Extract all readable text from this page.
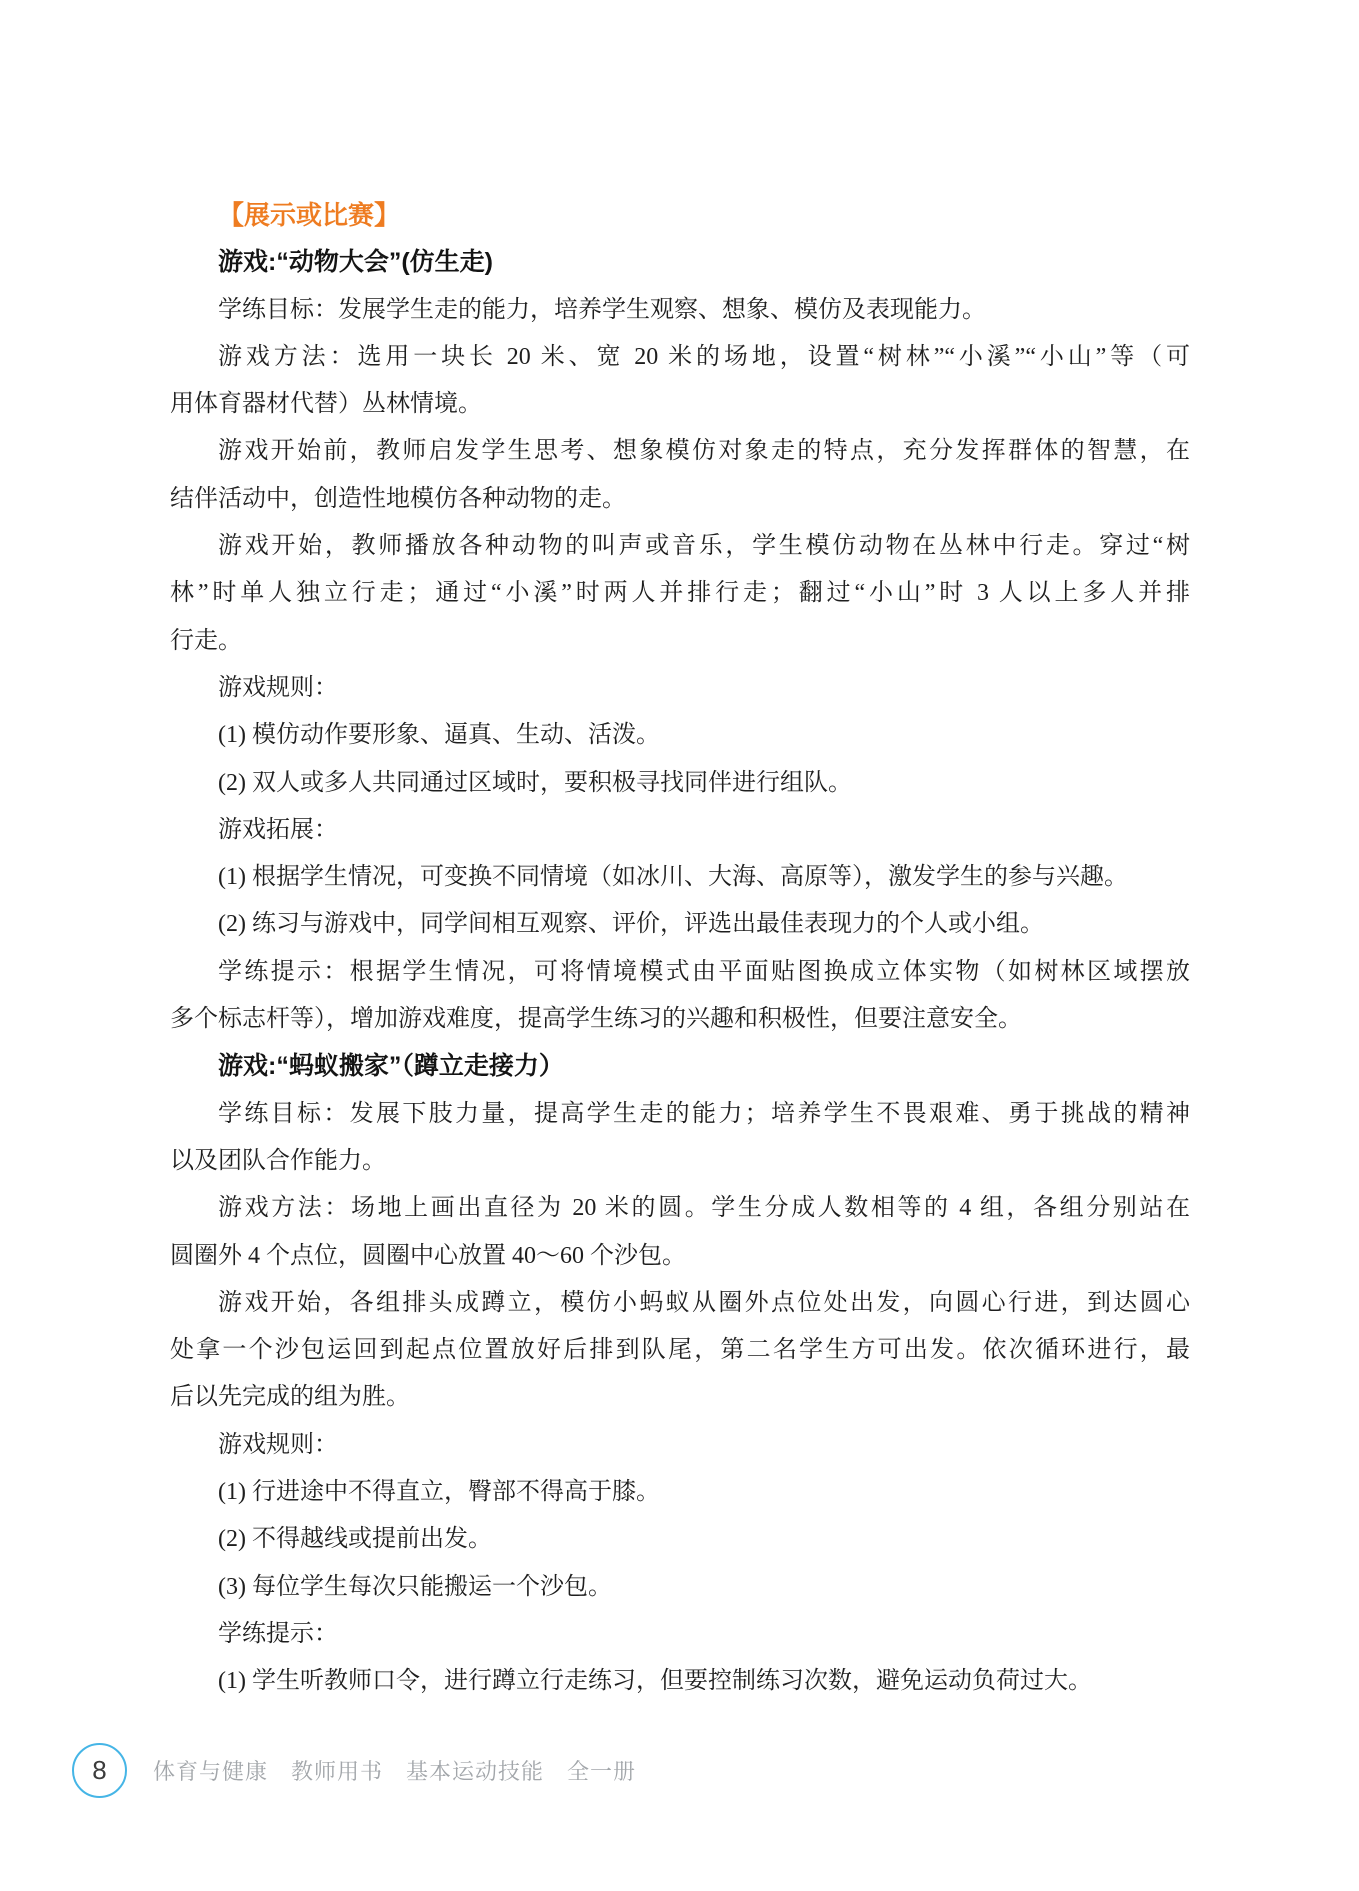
【展示或比赛】
游戏:“动物大会”(仿生走)
学练目标：发展学生走的能力，培养学生观察、想象、模仿及表现能力。
游戏方法：选用一块长 20 米、宽 20 米的场地，设置“树林”“小溪”“小山”等（可
用体育器材代替）丛林情境。
游戏开始前，教师启发学生思考、想象模仿对象走的特点，充分发挥群体的智慧，在
结伴活动中，创造性地模仿各种动物的走。
游戏开始，教师播放各种动物的叫声或音乐，学生模仿动物在丛林中行走。穿过“树
林”时单人独立行走；通过“小溪”时两人并排行走；翻过“小山”时 3 人以上多人并排
行走。
游戏规则：
(1) 模仿动作要形象、逼真、生动、活泼。
(2) 双人或多人共同通过区域时，要积极寻找同伴进行组队。
游戏拓展：
(1) 根据学生情况，可变换不同情境（如冰川、大海、高原等），激发学生的参与兴趣。
(2) 练习与游戏中，同学间相互观察、评价，评选出最佳表现力的个人或小组。
学练提示：根据学生情况，可将情境模式由平面贴图换成立体实物（如树林区域摆放
多个标志杆等），增加游戏难度，提高学生练习的兴趣和积极性，但要注意安全。
游戏:“蚂蚁搬家”（蹲立走接力）
学练目标：发展下肢力量，提高学生走的能力；培养学生不畏艰难、勇于挑战的精神
以及团队合作能力。
游戏方法：场地上画出直径为 20 米的圆。学生分成人数相等的 4 组，各组分别站在
圆圈外 4 个点位，圆圈中心放置 40～60 个沙包。
游戏开始，各组排头成蹲立，模仿小蚂蚁从圈外点位处出发，向圆心行进，到达圆心
处拿一个沙包运回到起点位置放好后排到队尾，第二名学生方可出发。依次循环进行，最
后以先完成的组为胜。
游戏规则：
(1) 行进途中不得直立，臀部不得高于膝。
(2) 不得越线或提前出发。
(3) 每位学生每次只能搬运一个沙包。
学练提示：
(1) 学生听教师口令，进行蹲立行走练习，但要控制练习次数，避免运动负荷过大。
8 体育与健康　教师用书　基本运动技能　全一册
